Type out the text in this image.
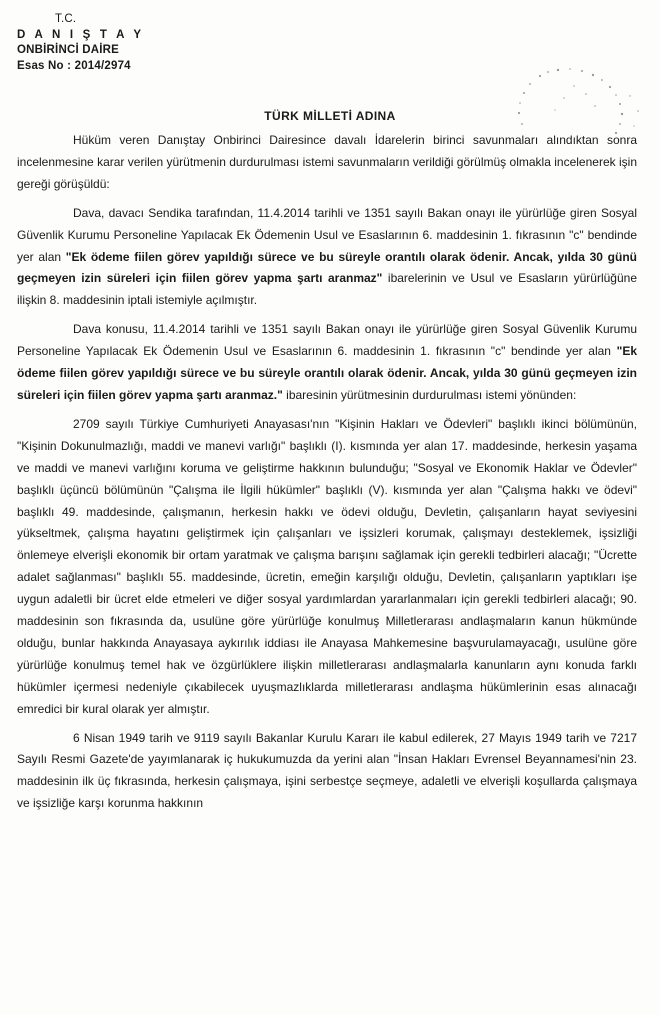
T.C.
D A N I Ş T A Y
ONBİRİNCİ DAİRE
Esas No : 2014/2974
TÜRK MİLLETİ ADINA

Hüküm veren Danıştay Onbirinci Dairesince davalı İdarelerin birinci savunmaları alındıktan sonra incelenmesine karar verilen yürütmenin durdurulması istemi savunmaların verildiği görülmüş olmakla incelenerek işin gereği görüşüldü:

Dava, davacı Sendika tarafından, 11.4.2014 tarihli ve 1351 sayılı Bakan onayı ile yürürlüğe giren Sosyal Güvenlik Kurumu Personeline Yapılacak Ek Ödemenin Usul ve Esaslarının 6. maddesinin 1. fıkrasının "c" bendinde yer alan "Ek ödeme fiilen görev yapıldığı sürece ve bu süreyle orantılı olarak ödenir. Ancak, yılda 30 günü geçmeyen izin süreleri için fiilen görev yapma şartı aranmaz" ibarelerinin ve Usul ve Esasların yürürlüğüne ilişkin 8. maddesinin iptali istemiyle açılmıştır.

Dava konusu, 11.4.2014 tarihli ve 1351 sayılı Bakan onayı ile yürürlüğe giren Sosyal Güvenlik Kurumu Personeline Yapılacak Ek Ödemenin Usul ve Esaslarının 6. maddesinin 1. fıkrasının "c" bendinde yer alan "Ek ödeme fiilen görev yapıldığı sürece ve bu süreyle orantılı olarak ödenir. Ancak, yılda 30 günü geçmeyen izin süreleri için fiilen görev yapma şartı aranmaz." ibaresinin yürütmesinin durdurulması istemi yönünden:

2709 sayılı Türkiye Cumhuriyeti Anayasası'nın "Kişinin Hakları ve Ödevleri" başlıklı ikinci bölümünün, "Kişinin Dokunulmazlığı, maddi ve manevi varlığı" başlıklı (I). kısmında yer alan 17. maddesinde, herkesin yaşama ve maddi ve manevi varlığını koruma ve geliştirme hakkının bulunduğu; "Sosyal ve Ekonomik Haklar ve Ödevler" başlıklı üçüncü bölümünün "Çalışma ile İlgili hükümler" başlıklı (V). kısmında yer alan "Çalışma hakkı ve ödevi" başlıklı 49. maddesinde, çalışmanın, herkesin hakkı ve ödevi olduğu, Devletin, çalışanların hayat seviyesini yükseltmek, çalışma hayatını geliştirmek için çalışanları ve işsizleri korumak, çalışmayı desteklemek, işsizliği önlemeye elverişli ekonomik bir ortam yaratmak ve çalışma barışını sağlamak için gerekli tedbirleri alacağı; "Ücrette adalet sağlanması" başlıklı 55. maddesinde, ücretin, emeğin karşılığı olduğu, Devletin, çalışanların yaptıkları işe uygun adaletli bir ücret elde etmeleri ve diğer sosyal yardımlardan yararlanmaları için gerekli tedbirleri alacağı; 90. maddesinin son fıkrasında da, usulüne göre yürürlüğe konulmuş Milletlerarası andlaşmaların kanun hükmünde olduğu, bunlar hakkında Anayasaya aykırılık iddiası ile Anayasa Mahkemesine başvurulamayacağı, usulüne göre yürürlüğe konulmuş temel hak ve özgürlüklere ilişkin milletlerarası andlaşmalarla kanunların aynı konuda farklı hükümler içermesi nedeniyle çıkabilecek uyuşmazlıklarda milletlerarası andlaşma hükümlerinin esas alınacağı emredici bir kural olarak yer almıştır.

6 Nisan 1949 tarih ve 9119 sayılı Bakanlar Kurulu Kararı ile kabul edilerek, 27 Mayıs 1949 tarih ve 7217 Sayılı Resmi Gazete'de yayımlanarak iç hukukumuzda da yerini alan "İnsan Hakları Evrensel Beyannamesi'nin 23. maddesinin ilk üç fıkrasında, herkesin çalışmaya, işini serbestçe seçmeye, adaletli ve elverişli koşullarda çalışmaya ve işsizliğe karşı korunma hakkının
